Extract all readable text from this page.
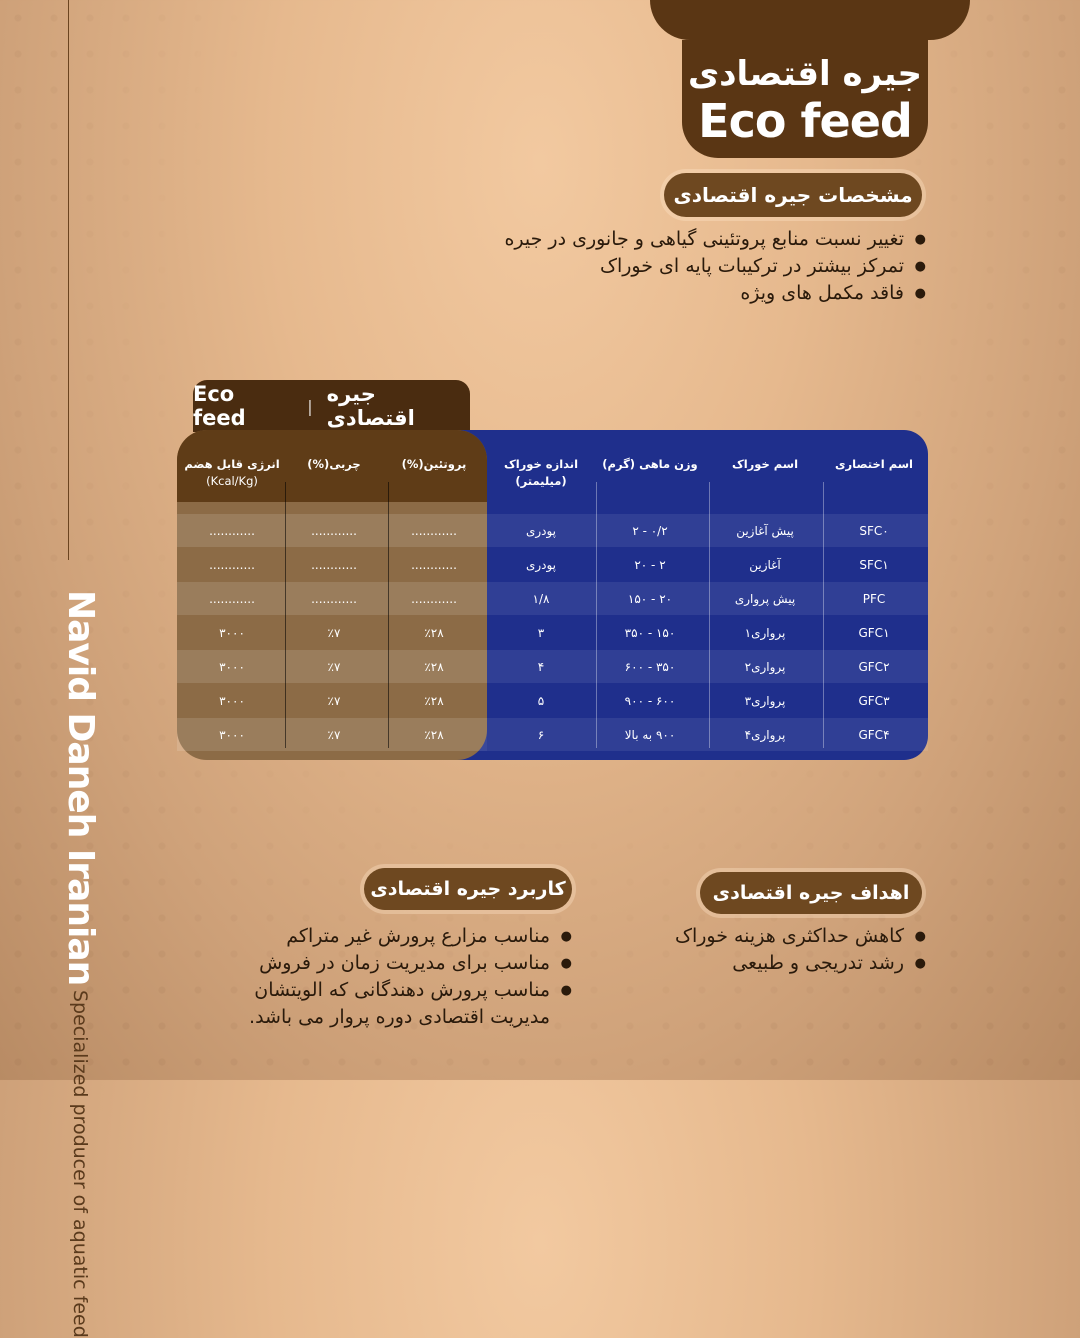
جیره اقتصادی
Eco feed
مشخصات جیره اقتصادی
● تغییر نسبت منابع پروتئینی گیاهی و جانوری در جیره
● تمرکز بیشتر در ترکیبات پایه ای خوراک
● فاقد مکمل های ویژه
Eco feed	| جیره اقتصادی
اسم اختصاری
اسم خوراک
وزن ماهی (گرم)
اندازه خوراک (میلیمتر)
پروتئین(%)
چربی(%)
انرژی قابل هضم
(Kcal/Kg)
SFC۰
پیش آغازین
۰/۲ - ۲
پودری
............
............
............
SFC۱
آغازین
۲ - ۲۰
پودری
............
............
............
PFC
پیش پرواری
۲۰ - ۱۵۰
۱/۸
............
............
............
GFC۱
پرواری۱
۱۵۰ - ۳۵۰
۳
٪۲۸
٪۷
۳۰۰۰
GFC۲
پرواری۲
۳۵۰ - ۶۰۰
۴
٪۲۸
٪۷
۳۰۰۰
GFC۳
پرواری۳
۶۰۰ - ۹۰۰
۵
٪۲۸
٪۷
۳۰۰۰
GFC۴
پرواری۴
۹۰۰ به بالا
۶
٪۲۸
٪۷
۳۰۰۰
اهداف جیره اقتصادی
● کاهش حداکثری هزینه خوراک
● رشد تدریجی و طبیعی
کاربرد جیره اقتصادی
● مناسب مزارع پرورش غیر متراکم
● مناسب برای مدیریت زمان در فروش
● مناسب پرورش دهندگانی که الویتشان مدیریت اقتصادی دوره پروار می باشد.
Navid Daneh Iranian Specialized producer of aquatic feed
